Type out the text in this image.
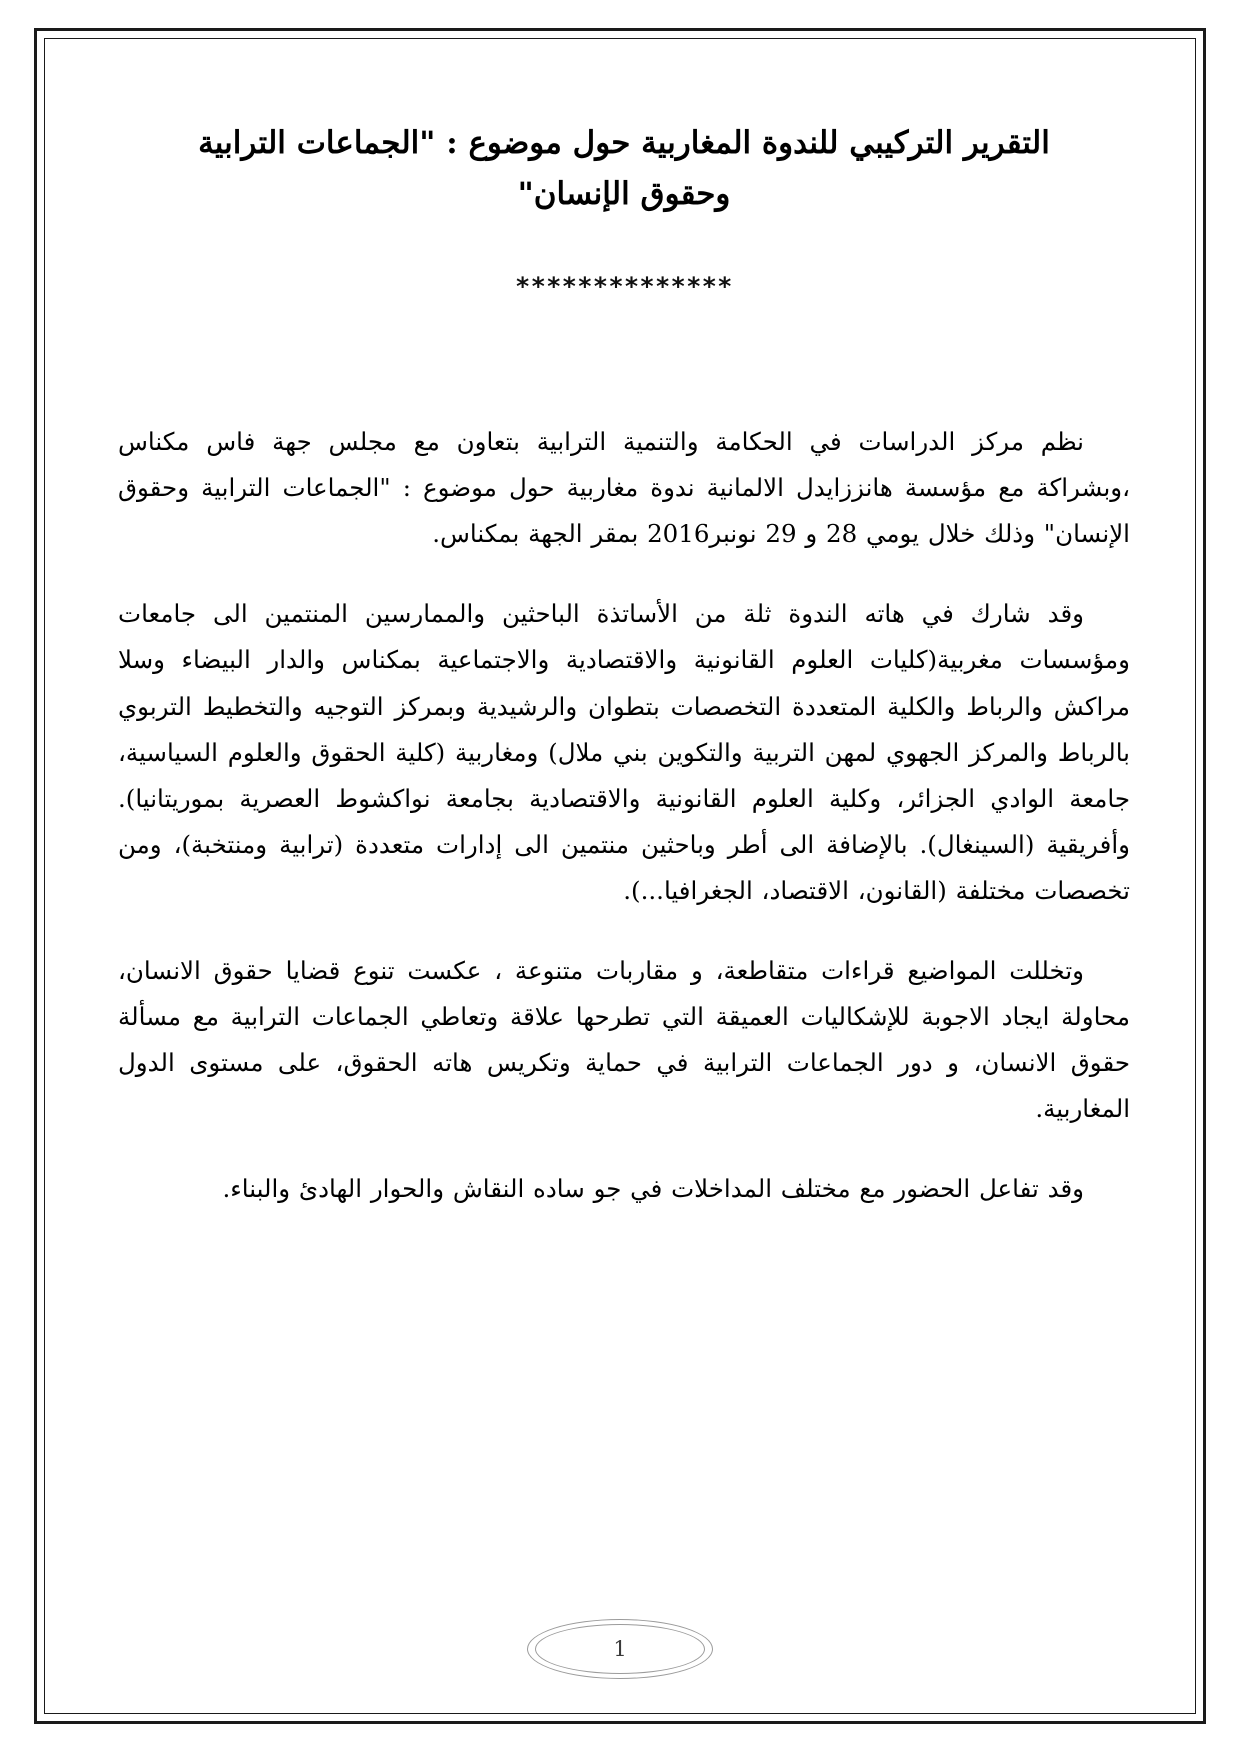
التقرير التركيبي للندوة المغاربية حول موضوع : "الجماعات الترابية
وحقوق الإنسان"
**************

نظم مركز الدراسات في الحكامة والتنمية الترابية بتعاون مع مجلس جهة فاس مكناس ،وبشراكة مع مؤسسة هانززايدل الالمانية ندوة مغاربية حول موضوع : "الجماعات الترابية وحقوق الإنسان" وذلك خلال يومي 28 و 29 نونبر2016 بمقر الجهة بمكناس.

وقد شارك في هاته الندوة ثلة من الأساتذة الباحثين والممارسين المنتمين الى جامعات ومؤسسات مغربية(كليات العلوم القانونية والاقتصادية والاجتماعية بمكناس والدار البيضاء وسلا مراكش والرباط والكلية المتعددة التخصصات بتطوان والرشيدية وبمركز التوجيه والتخطيط التربوي بالرباط والمركز الجهوي لمهن التربية والتكوين بني ملال) ومغاربية (كلية الحقوق والعلوم السياسية، جامعة الوادي الجزائر، وكلية العلوم القانونية والاقتصادية بجامعة نواكشوط العصرية بموريتانيا). وأفريقية (السينغال). بالإضافة الى أطر وباحثين منتمين الى إدارات متعددة (ترابية ومنتخبة)، ومن تخصصات مختلفة (القانون، الاقتصاد، الجغرافيا...).

وتخللت المواضيع قراءات متقاطعة، و مقاربات متنوعة ، عكست تنوع قضايا حقوق الانسان، محاولة ايجاد الاجوبة للإشكاليات العميقة التي تطرحها علاقة وتعاطي الجماعات الترابية مع مسألة حقوق الانسان، و دور الجماعات الترابية في حماية وتكريس هاته الحقوق، على مستوى الدول المغاربية.

وقد تفاعل الحضور مع مختلف المداخلات في جو ساده النقاش والحوار الهادئ والبناء.

1
